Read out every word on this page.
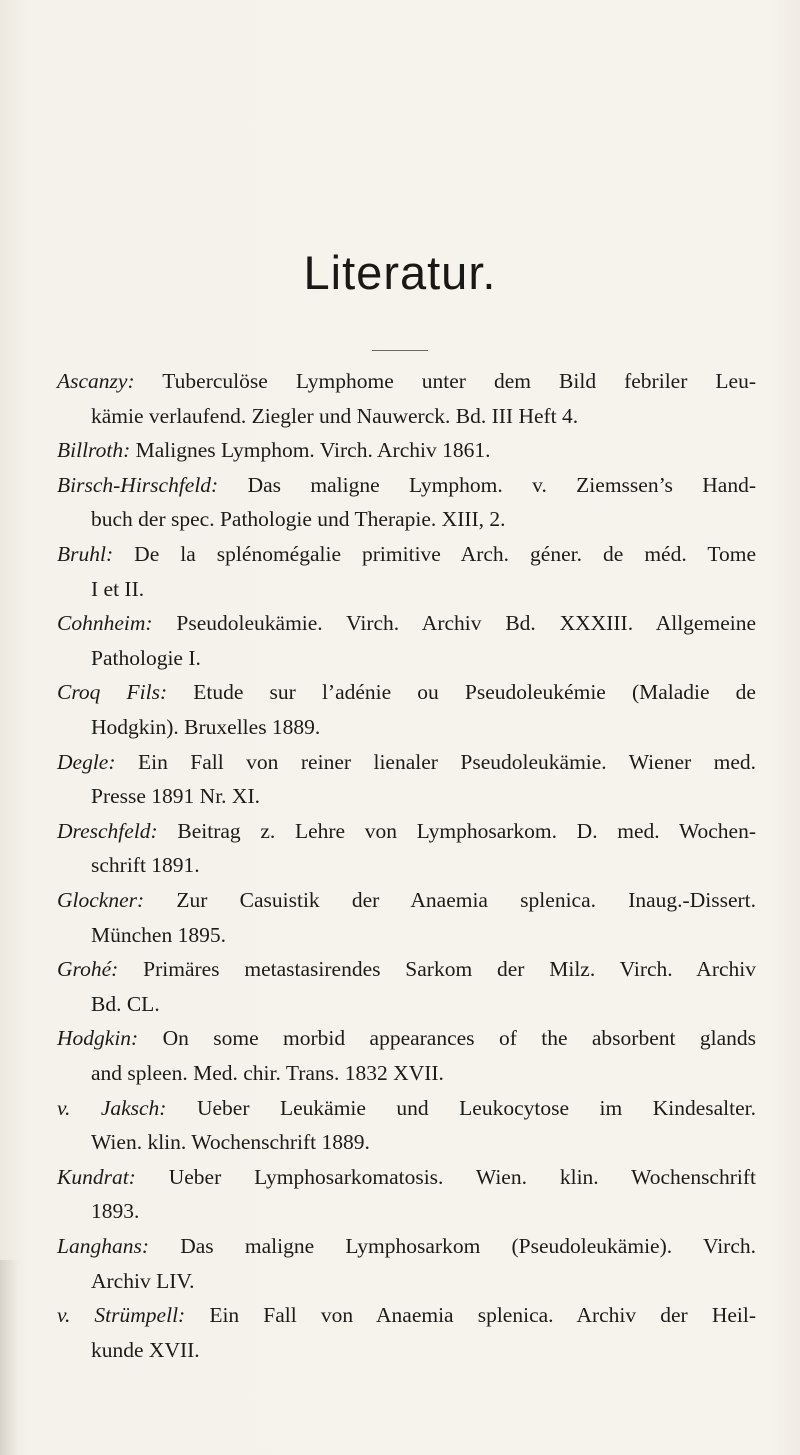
Literatur.
Ascanzy: Tuberculöse Lymphome unter dem Bild febriler Leu-
kämie verlaufend. Ziegler und Nauwerck. Bd. III Heft 4.
Billroth: Malignes Lymphom. Virch. Archiv 1861.
Birsch-Hirschfeld: Das maligne Lymphom. v. Ziemssen’s Hand-
buch der spec. Pathologie und Therapie. XIII, 2.
Bruhl: De la splénomégalie primitive Arch. géner. de méd. Tome
I et II.
Cohnheim: Pseudoleukämie. Virch. Archiv Bd. XXXIII. Allgemeine
Pathologie I.
Croq Fils: Etude sur l’adénie ou Pseudoleukémie (Maladie de
Hodgkin). Bruxelles 1889.
Degle: Ein Fall von reiner lienaler Pseudoleukämie. Wiener med.
Presse 1891 Nr. XI.
Dreschfeld: Beitrag z. Lehre von Lymphosarkom. D. med. Wochen-
schrift 1891.
Glockner: Zur Casuistik der Anaemia splenica. Inaug.-Dissert.
München 1895.
Grohé: Primäres metastasirendes Sarkom der Milz. Virch. Archiv
Bd. CL.
Hodgkin: On some morbid appearances of the absorbent glands
and spleen. Med. chir. Trans. 1832 XVII.
v. Jaksch: Ueber Leukämie und Leukocytose im Kindesalter.
Wien. klin. Wochenschrift 1889.
Kundrat: Ueber Lymphosarkomatosis. Wien. klin. Wochenschrift
1893.
Langhans: Das maligne Lymphosarkom (Pseudoleukämie). Virch.
Archiv LIV.
v. Strümpell: Ein Fall von Anaemia splenica. Archiv der Heil-
kunde XVII.
